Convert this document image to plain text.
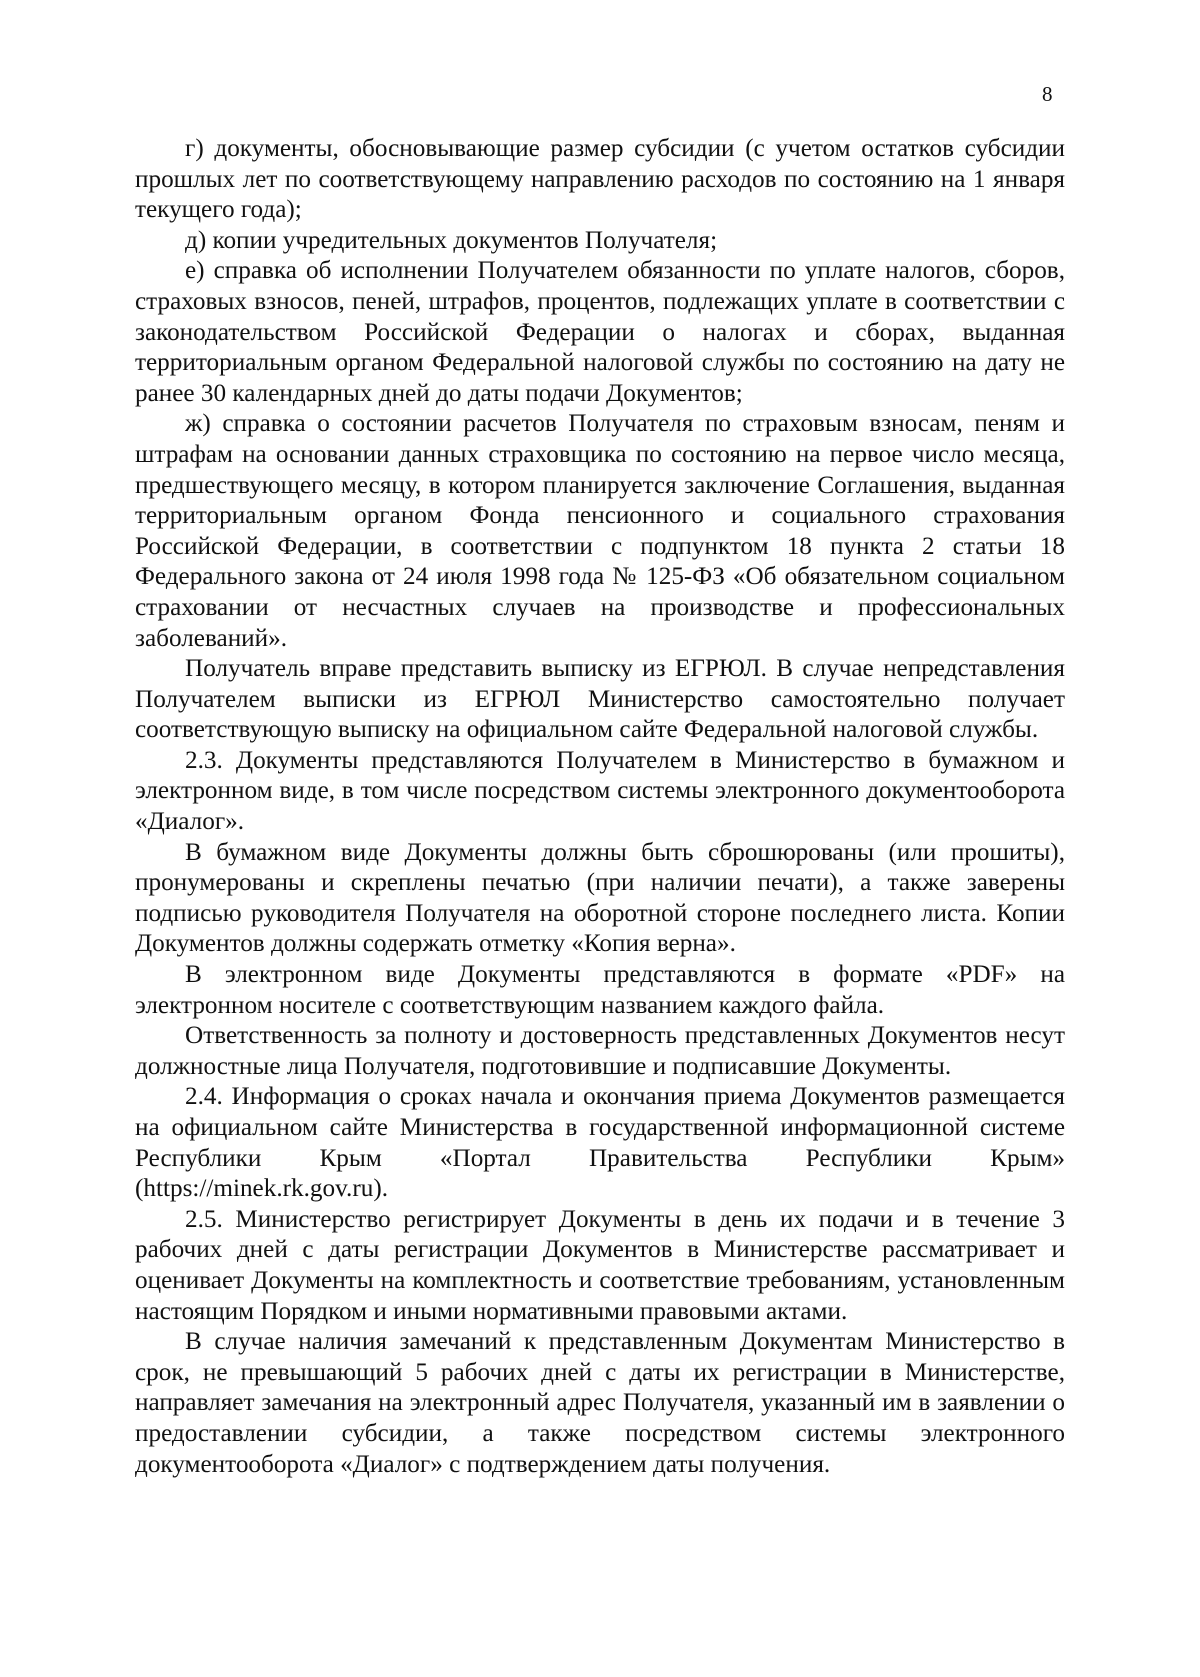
8

г) документы, обосновывающие размер субсидии (с учетом остатков субсидии прошлых лет по соответствующему направлению расходов по состоянию на 1 января текущего года);

д) копии учредительных документов Получателя;

е) справка об исполнении Получателем обязанности по уплате налогов, сборов, страховых взносов, пеней, штрафов, процентов, подлежащих уплате в соответствии с законодательством Российской Федерации о налогах и сборах, выданная территориальным органом Федеральной налоговой службы по состоянию на дату не ранее 30 календарных дней до даты подачи Документов;

ж) справка о состоянии расчетов Получателя по страховым взносам, пеням и штрафам на основании данных страховщика по состоянию на первое число месяца, предшествующего месяцу, в котором планируется заключение Соглашения, выданная территориальным органом Фонда пенсионного и социального страхования Российской Федерации, в соответствии с подпунктом 18 пункта 2 статьи 18 Федерального закона от 24 июля 1998 года № 125-ФЗ «Об обязательном социальном страховании от несчастных случаев на производстве и профессиональных заболеваний».

Получатель вправе представить выписку из ЕГРЮЛ. В случае непредставления Получателем выписки из ЕГРЮЛ Министерство самостоятельно получает соответствующую выписку на официальном сайте Федеральной налоговой службы.

2.3. Документы представляются Получателем в Министерство в бумажном и электронном виде, в том числе посредством системы электронного документооборота «Диалог».

В бумажном виде Документы должны быть сброшюрованы (или прошиты), пронумерованы и скреплены печатью (при наличии печати), а также заверены подписью руководителя Получателя на оборотной стороне последнего листа. Копии Документов должны содержать отметку «Копия верна».

В электронном виде Документы представляются в формате «PDF» на электронном носителе с соответствующим названием каждого файла.

Ответственность за полноту и достоверность представленных Документов несут должностные лица Получателя, подготовившие и подписавшие Документы.

2.4. Информация о сроках начала и окончания приема Документов размещается на официальном сайте Министерства в государственной информационной системе Республики Крым «Портал Правительства Республики Крым» (https://minek.rk.gov.ru).

2.5. Министерство регистрирует Документы в день их подачи и в течение 3 рабочих дней с даты регистрации Документов в Министерстве рассматривает и оценивает Документы на комплектность и соответствие требованиям, установленным настоящим Порядком и иными нормативными правовыми актами.

В случае наличия замечаний к представленным Документам Министерство в срок, не превышающий 5 рабочих дней с даты их регистрации в Министерстве, направляет замечания на электронный адрес Получателя, указанный им в заявлении о предоставлении субсидии, а также посредством системы электронного документооборота «Диалог» с подтверждением даты получения.
